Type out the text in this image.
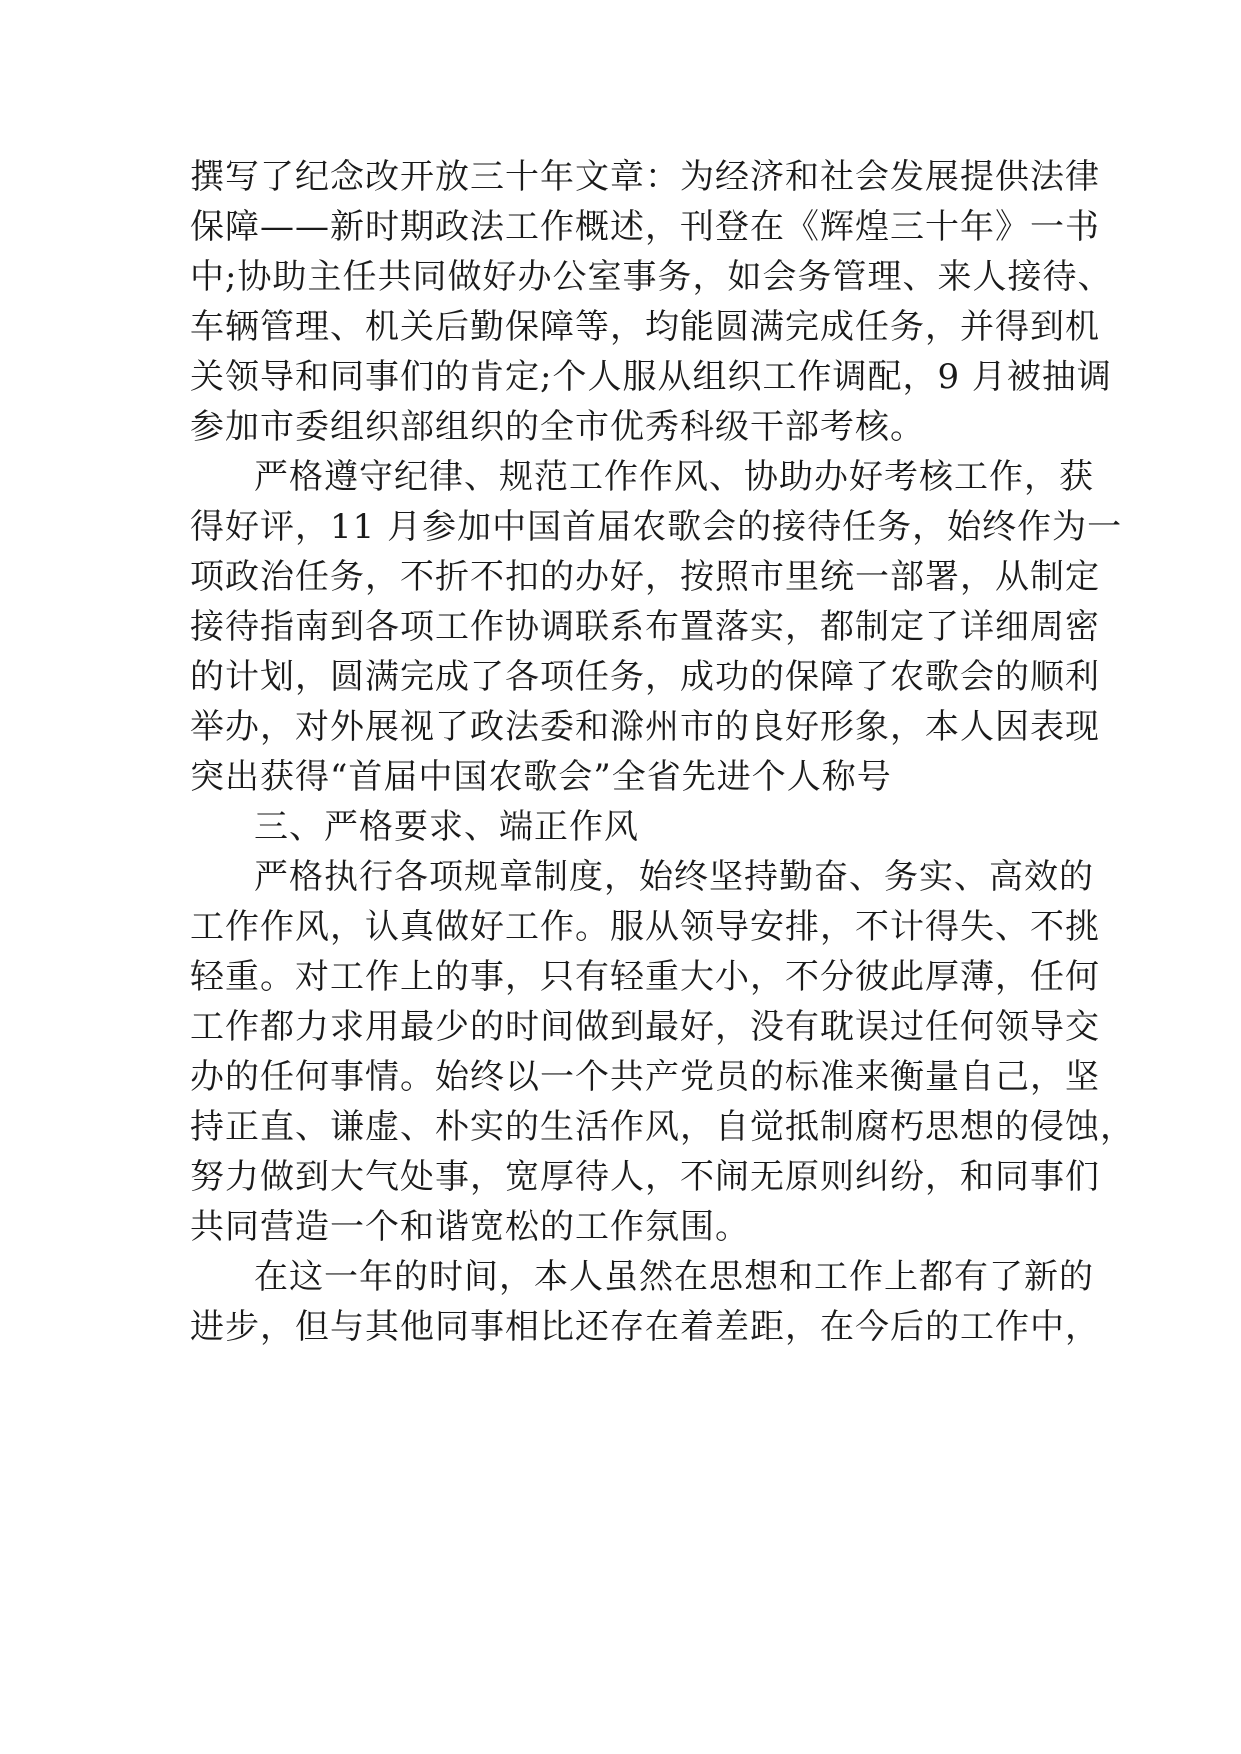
撰写了纪念改开放三十年文章：为经济和社会发展提供法律
保障——新时期政法工作概述，刊登在《辉煌三十年》一书
中;协助主任共同做好办公室事务，如会务管理、来人接待、
车辆管理、机关后勤保障等，均能圆满完成任务，并得到机
关领导和同事们的肯定;个人服从组织工作调配，9 月被抽调
参加市委组织部组织的全市优秀科级干部考核。
严格遵守纪律、规范工作作风、协助办好考核工作，获
得好评，11 月参加中国首届农歌会的接待任务，始终作为一
项政治任务，不折不扣的办好，按照市里统一部署，从制定
接待指南到各项工作协调联系布置落实，都制定了详细周密
的计划，圆满完成了各项任务，成功的保障了农歌会的顺利
举办，对外展视了政法委和滁州市的良好形象，本人因表现
突出获得“首届中国农歌会”全省先进个人称号
三、严格要求、端正作风
严格执行各项规章制度，始终坚持勤奋、务实、高效的
工作作风，认真做好工作。服从领导安排，不计得失、不挑
轻重。对工作上的事，只有轻重大小，不分彼此厚薄，任何
工作都力求用最少的时间做到最好，没有耽误过任何领导交
办的任何事情。始终以一个共产党员的标准来衡量自己，坚
持正直、谦虚、朴实的生活作风，自觉抵制腐朽思想的侵蚀，
努力做到大气处事，宽厚待人，不闹无原则纠纷，和同事们
共同营造一个和谐宽松的工作氛围。
在这一年的时间，本人虽然在思想和工作上都有了新的
进步，但与其他同事相比还存在着差距，在今后的工作中，
